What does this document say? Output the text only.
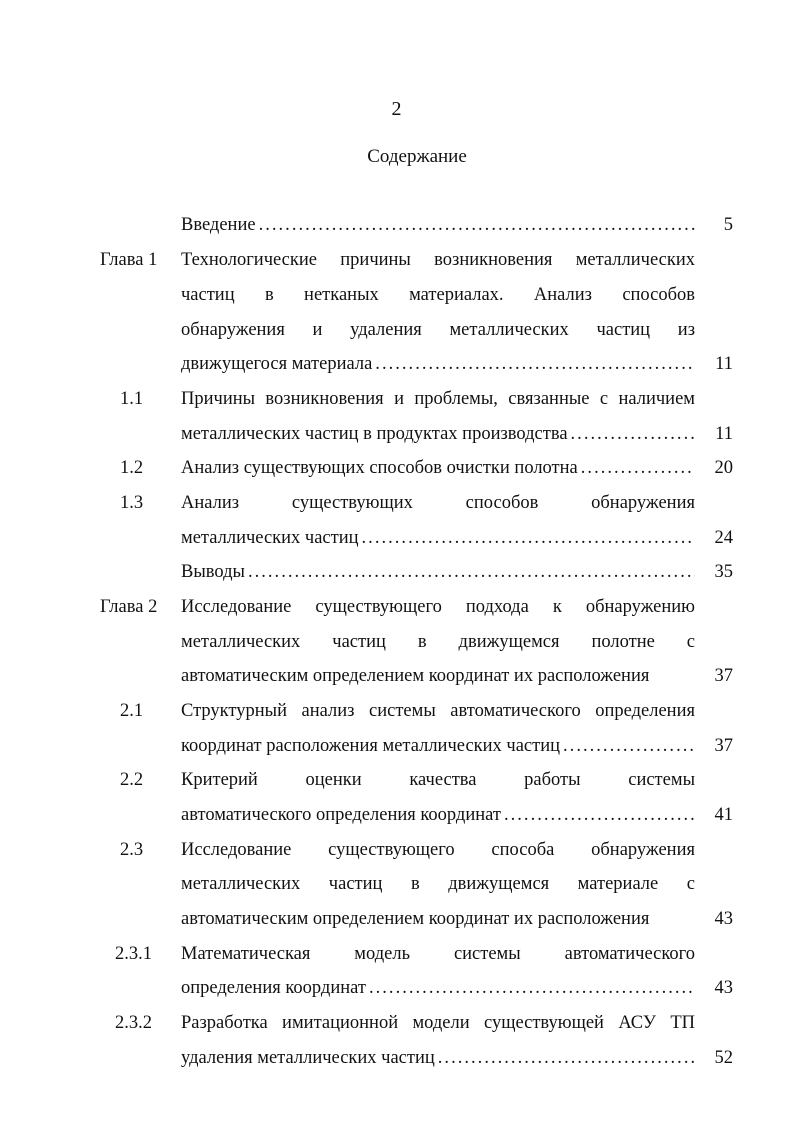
2
Содержание
Введение . . .	5
Глава 1 Технологические причины возникновения металлических
частиц в нетканых материалах. Анализ способов
обнаружения и удаления металлических частиц из
движущегося материала . . .	11
1.1 Причины возникновения и проблемы, связанные с наличием
металлических частиц в продуктах производства . . .	11
1.2 Анализ существующих способов очистки полотна . . .	20
1.3 Анализ существующих способов обнаружения
металлических частиц . . .	24
Выводы . . .	35
Глава 2 Исследование существующего подхода к обнаружению
металлических частиц в движущемся полотне с
автоматическим определением координат их расположения	37
2.1 Структурный анализ системы автоматического определения
координат расположения металлических частиц . . .	37
2.2 Критерий оценки качества работы системы
автоматического определения координат . . .	41
2.3 Исследование существующего способа обнаружения
металлических частиц в движущемся материале с
автоматическим определением координат их расположения	43
2.3.1 Математическая модель системы автоматического
определения координат . . .	43
2.3.2 Разработка имитационной модели существующей АСУ ТП
удаления металлических частиц . . .	52
